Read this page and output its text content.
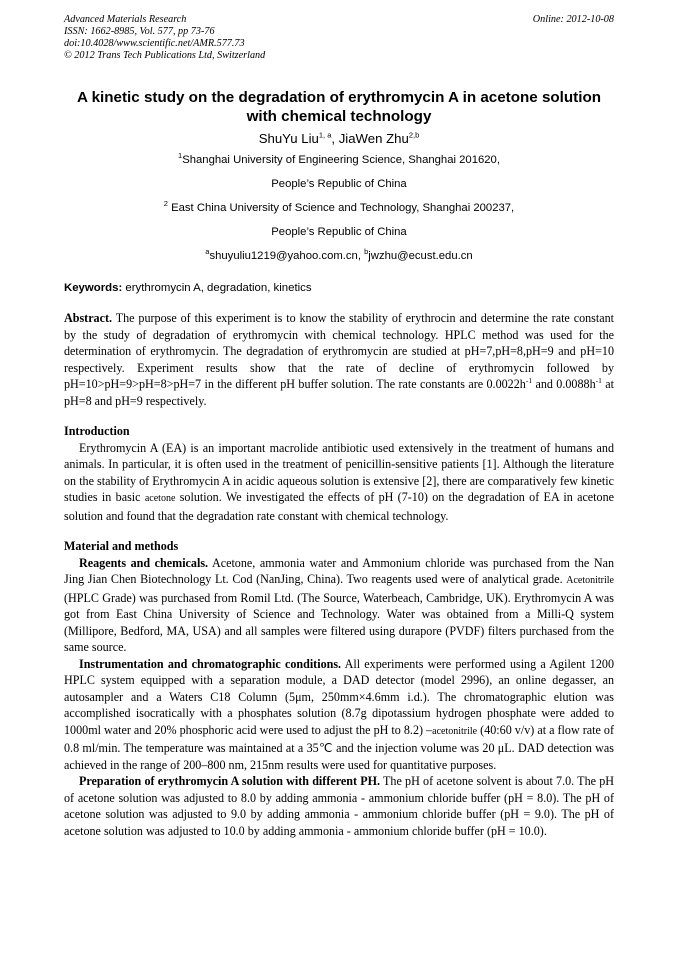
Advanced Materials Research
ISSN: 1662-8985, Vol. 577, pp 73-76
doi:10.4028/www.scientific.net/AMR.577.73
© 2012 Trans Tech Publications Ltd, Switzerland
Online: 2012-10-08
A kinetic study on the degradation of erythromycin A in acetone solution with chemical technology
ShuYu Liu$^{1, a}$, JiaWen Zhu$^{2,b}$
$^1$Shanghai University of Engineering Science, Shanghai 201620,
People’s Republic of China
$^2$ East China University of Science and Technology, Shanghai 200237,
People’s Republic of China
$^a$shuyuliu1219@yahoo.com.cn, $^b$jwzhu@ecust.edu.cn
Keywords: erythromycin A, degradation, kinetics

Abstract. The purpose of this experiment is to know the stability of erythrocin and determine the rate constant by the study of degradation of erythromycin with chemical technology. HPLC method was used for the determination of erythromycin. The degradation of erythromycin are studied at pH=7,pH=8,pH=9 and pH=10 respectively. Experiment results show that the rate of decline of erythromycin followed by pH=10>pH=9>pH=8>pH=7 in the different pH buffer solution. The rate constants are $0.0022h^{-1}$ and $0.0088h^{-1}$ at pH=8 and pH=9 respectively.

Introduction

Erythromycin A (EA) is an important macrolide antibiotic used extensively in the treatment of humans and animals. In particular, it is often used in the treatment of penicillin-sensitive patients [1]. Although the literature on the stability of Erythromycin A in acidic aqueous solution is extensive [2], there are comparatively few kinetic studies in basic acetone solution. We investigated the effects of pH (7-10) on the degradation of EA in acetone solution and found that the degradation rate constant with chemical technology.

Material and methods

Reagents and chemicals. Acetone, ammonia water and Ammonium chloride was purchased from the Nan Jing Jian Chen Biotechnology Lt. Cod (NanJing, China). Two reagents used were of analytical grade. Acetonitrile (HPLC Grade) was purchased from Romil Ltd. (The Source, Waterbeach, Cambridge, UK). Erythromycin A was got from East China University of Science and Technology. Water was obtained from a Milli-Q system (Millipore, Bedford, MA, USA) and all samples were filtered using durapore (PVDF) filters purchased from the same source.

Instrumentation and chromatographic conditions. All experiments were performed using a Agilent 1200 HPLC system equipped with a separation module, a DAD detector (model 2996), an online degasser, an autosampler and a Waters C18 Column (5μm, 250mm×4.6mm i.d.). The chromatographic elution was accomplished isocratically with a phosphates solution (8.7g dipotassium hydrogen phosphate were added to 1000ml water and 20% phosphoric acid were used to adjust the pH to 8.2) –acetonitrile (40:60 v/v) at a flow rate of 0.8 ml/min. The temperature was maintained at a 35℃ and the injection volume was 20 μL. DAD detection was achieved in the range of 200–800 nm, 215nm results were used for quantitative purposes.

Preparation of erythromycin A solution with different PH. The pH of acetone solvent is about 7.0. The pH of acetone solution was adjusted to 8.0 by adding ammonia - ammonium chloride buffer (pH = 8.0). The pH of acetone solution was adjusted to 9.0 by adding ammonia - ammonium chloride buffer (pH = 9.0). The pH of acetone solution was adjusted to 10.0 by adding ammonia - ammonium chloride buffer (pH = 10.0).
